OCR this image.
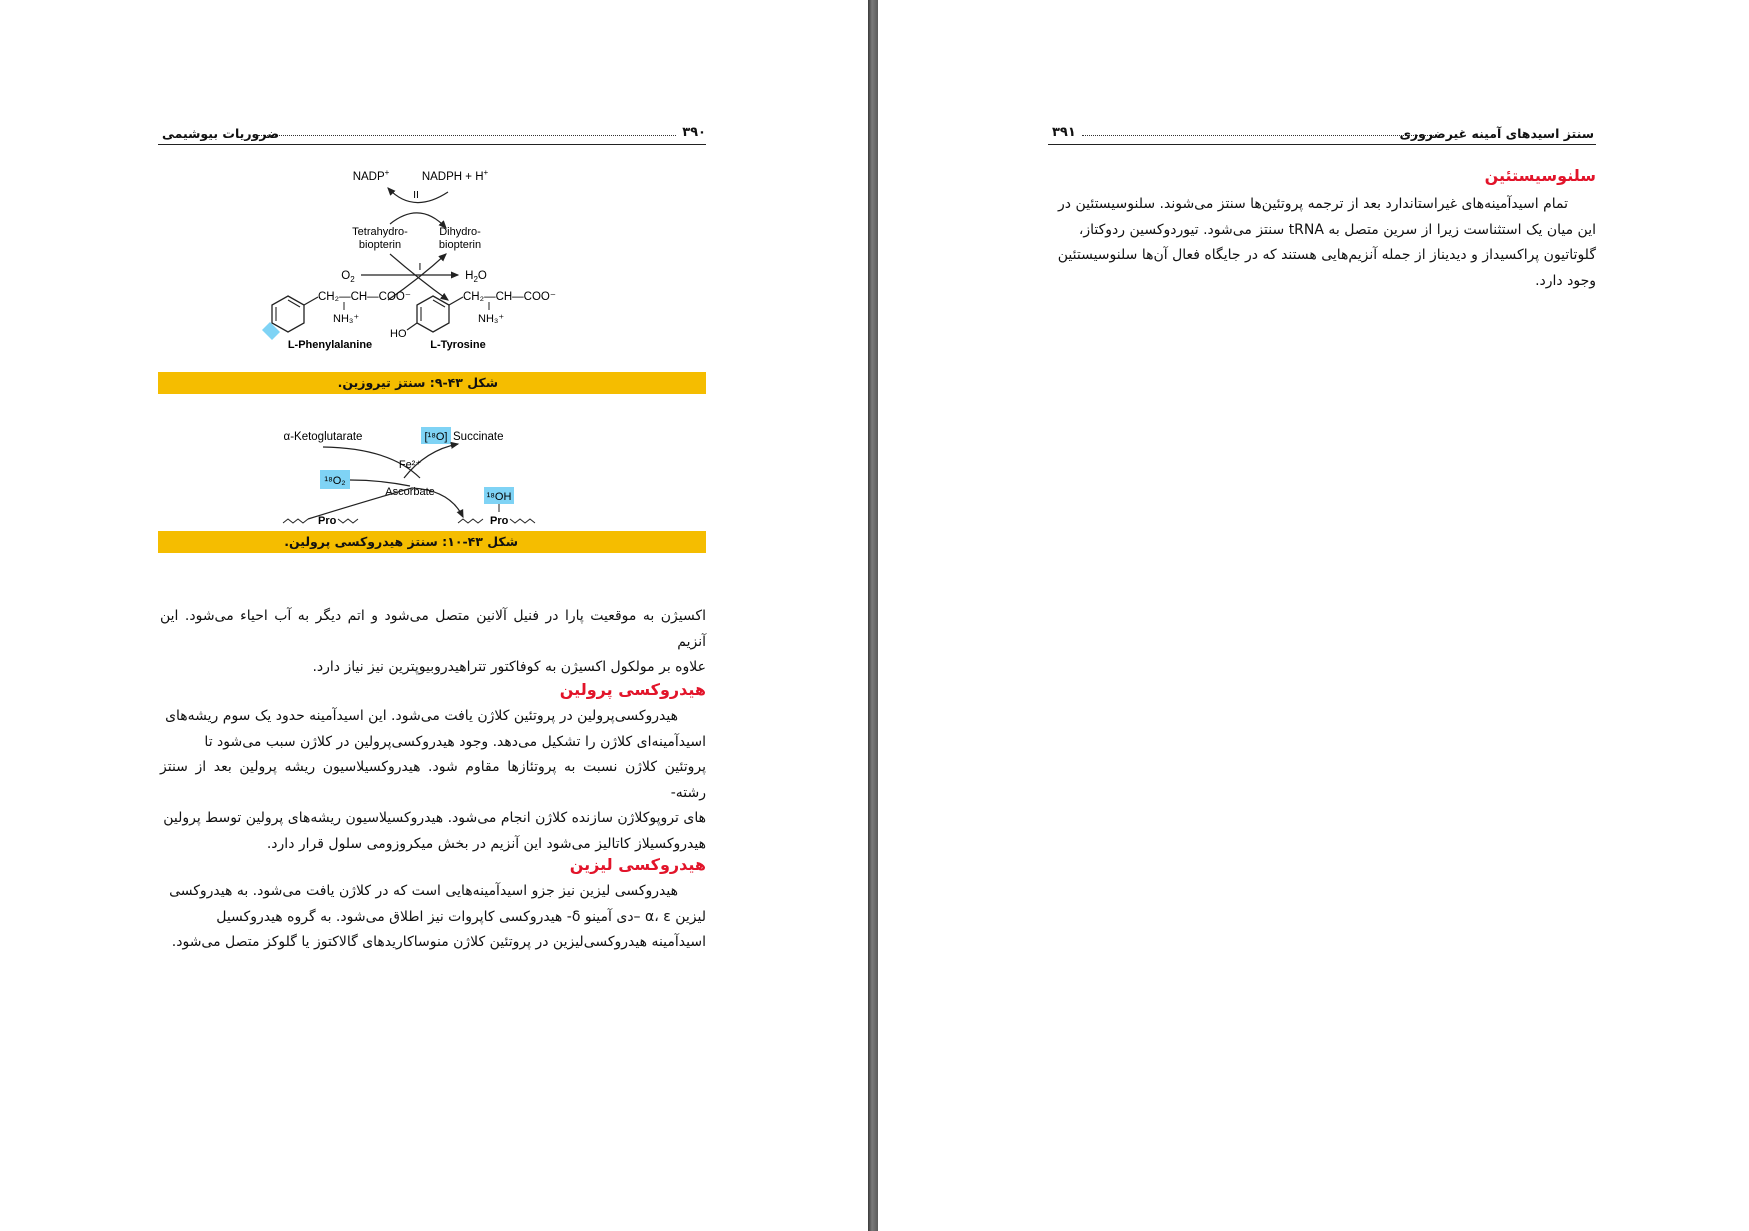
۳۹۰
ضروریات بیوشیمی
NADP+	NADPH + H+
II
Tetrahydro-
biopterin
Dihydro-
biopterin
$O_2$
I
$H_2O$
CH₂—CH—COO⁻
NH₃⁺
L-Phenylalanine
HO
CH₂—CH—COO⁻
NH₃⁺
L-Tyrosine
شکل ۴۳-۹: سنتز تیروزین.
α-Ketoglutarate	[¹⁸O] Succinate
Fe²⁺
¹⁸O₂
Ascorbate	¹⁸OH
Pro	Pro
شکل ۴۳-۱۰: سنتز هیدروکسی پرولین.

اکسیژن به موقعیت پارا در فنیل آلانین متصل می‌شود و اتم دیگر به آب احیاء می‌شود. این آنزیم

علاوه بر مولکول اکسیژن به کوفاکتور تتراهیدروبیوپترین نیز نیاز دارد.

هیدروکسی پرولین

هیدروکسی‌پرولین در پروتئین کلاژن یافت می‌شود. این اسیدآمینه حدود یک سوم ریشه‌های

اسیدآمینه‌ای کلاژن را تشکیل می‌دهد. وجود هیدروکسی‌پرولین در کلاژن سبب می‌شود تا

پروتئین کلاژن نسبت به پروتئازها مقاوم شود. هیدروکسیلاسیون ریشه پرولین بعد از سنتز رشته-

های تروپوکلاژن سازنده کلاژن انجام می‌شود. هیدروکسیلاسیون ریشه‌های پرولین توسط پرولین

هیدروکسیلاز کاتالیز می‌شود این آنزیم در بخش میکروزومی سلول قرار دارد.

هیدروکسی لیزین

هیدروکسی لیزین نیز جزو اسیدآمینه‌هایی است که در کلاژن یافت می‌شود. به هیدروکسی

لیزین α، ε –دی آمینو δ- هیدروکسی کاپروات نیز اطلاق می‌شود. به گروه هیدروکسیل

اسیدآمینه هیدروکسی‌لیزین در پروتئین کلاژن منوساکاریدهای گالاکتوز یا گلوکز متصل می‌شود.

۳۹۱	سنتز اسیدهای آمینه غیرضروری
سلنوسیستئین

تمام اسیدآمینه‌های غیراستاندارد بعد از ترجمه پروتئین‌ها سنتز می‌شوند. سلنوسیستئین در

این میان یک استثناست زیرا از سرین متصل به tRNA سنتز می‌شود. تیوردوکسین ردوکتاز،

گلوتاتیون پراکسیداز و دیدیناز از جمله آنزیم‌هایی هستند که در جایگاه فعال آن‌ها سلنوسیستئین

وجود دارد.
